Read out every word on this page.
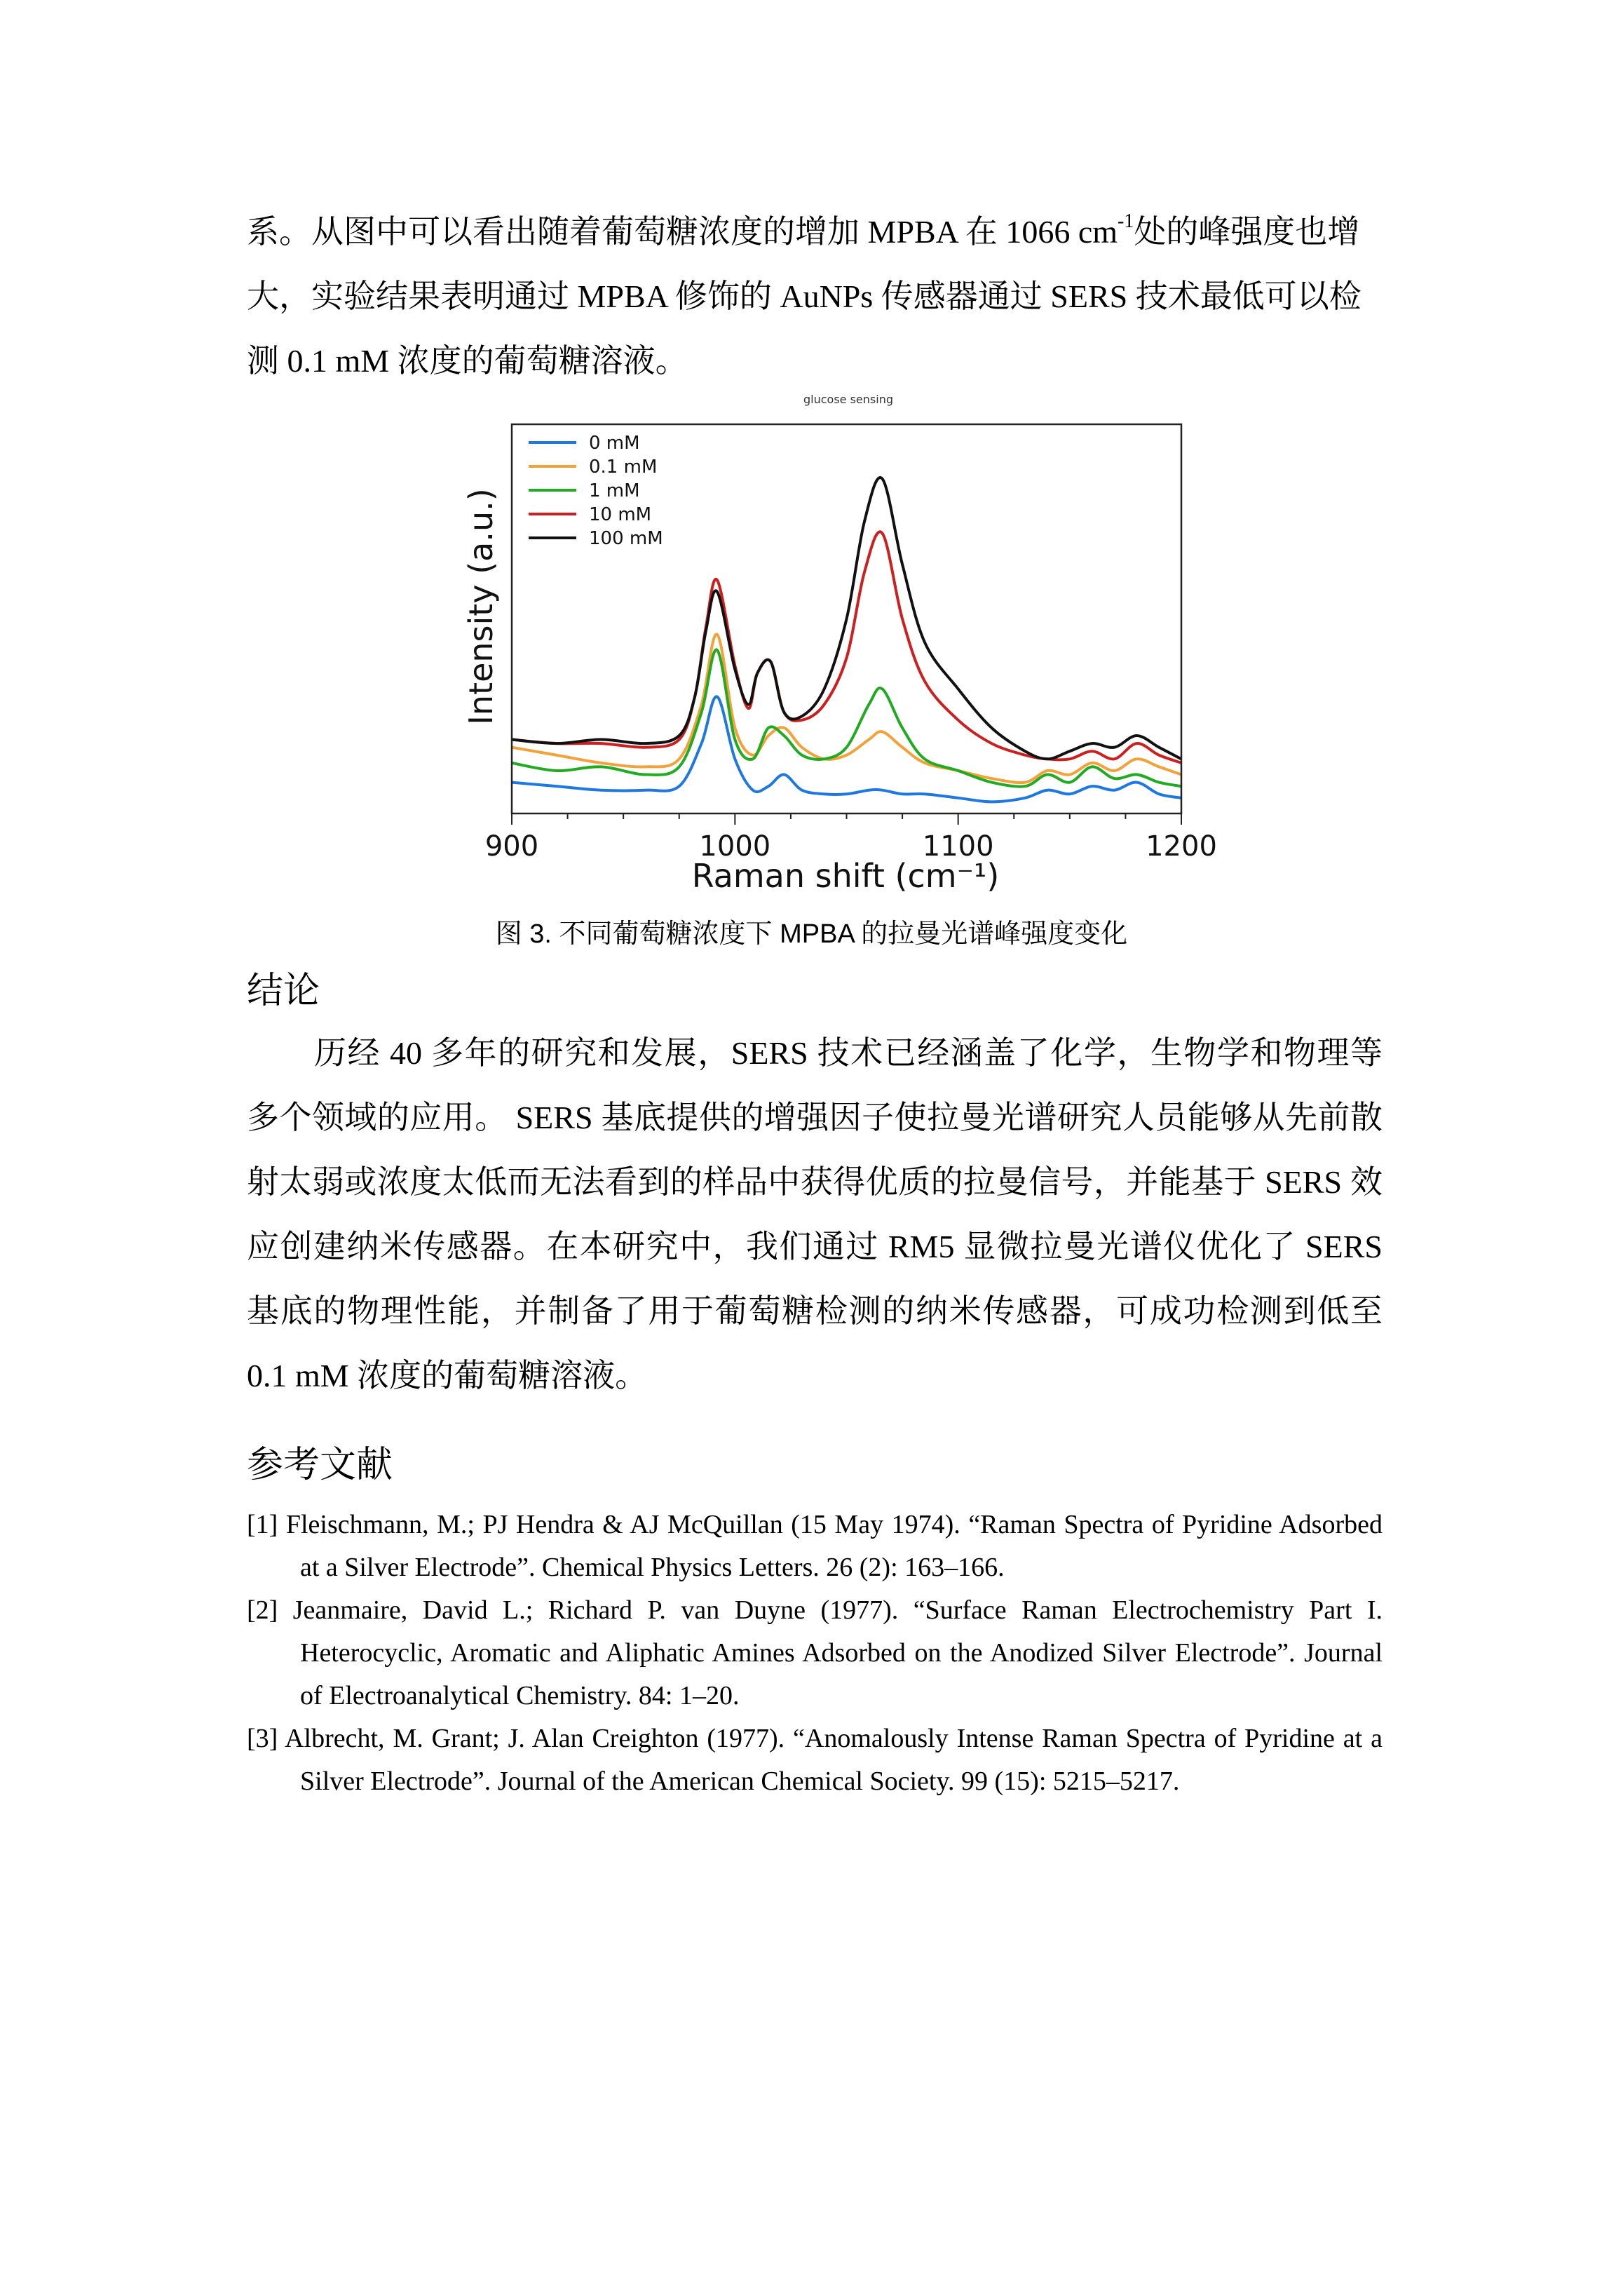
系。从图中可以看出随着葡萄糖浓度的增加 MPBA 在 1066 $cm^{-1}$处的峰强度也增

大，实验结果表明通过 MPBA 修饰的 AuNPs 传感器通过 SERS 技术最低可以检

测 0.1 mM 浓度的葡萄糖溶液。

glucose sensing
900	1000	1100	1200
0 mM
0.1 mM
1 mM
10 mM
100 mM
Raman shift (cm⁻¹)
Intensity (a.u.)
图 3. 不同葡萄糖浓度下 MPBA 的拉曼光谱峰强度变化
结论

历经 40 多年的研究和发展，SERS 技术已经涵盖了化学，生物学和物理等多个领域的应用。 SERS 基底提供的增强因子使拉曼光谱研究人员能够从先前散射太弱或浓度太低而无法看到的样品中获得优质的拉曼信号，并能基于 SERS 效应创建纳米传感器。在本研究中，我们通过 RM5 显微拉曼光谱仪优化了 SERS 基底的物理性能，并制备了用于葡萄糖检测的纳米传感器，可成功检测到低至 0.1 mM 浓度的葡萄糖溶液。

参考文献
[1] Fleischmann, M.; PJ Hendra & AJ McQuillan (15 May 1974). “Raman Spectra of Pyridine Adsorbed at a Silver Electrode”. Chemical Physics Letters. 26 (2): 163–166.
[2] Jeanmaire, David L.; Richard P. van Duyne (1977). “Surface Raman Electrochemistry Part I. Heterocyclic, Aromatic and Aliphatic Amines Adsorbed on the Anodized Silver Electrode”. Journal of Electroanalytical Chemistry. 84: 1–20.
[3] Albrecht, M. Grant; J. Alan Creighton (1977). “Anomalously Intense Raman Spectra of Pyridine at a Silver Electrode”. Journal of the American Chemical Society. 99 (15): 5215–5217.
